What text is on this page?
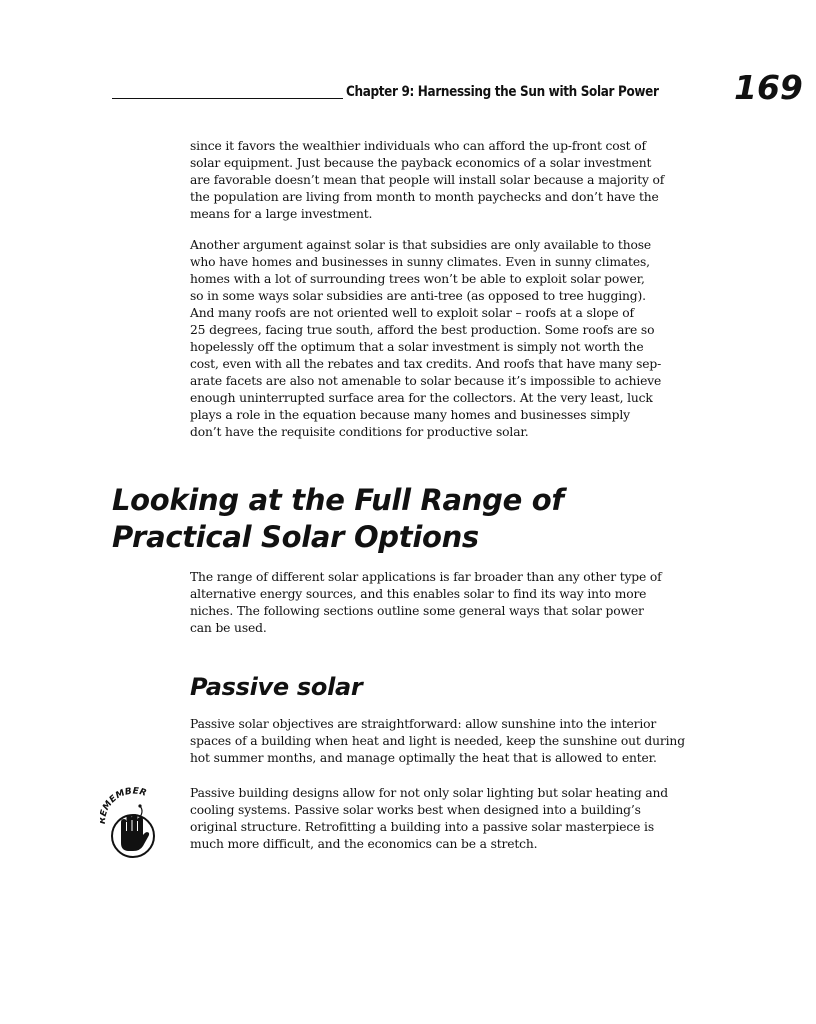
Chapter 9: Harnessing the Sun with Solar Power 169

since it favors the wealthier individuals who can afford the up-front cost of
solar equipment. Just because the payback economics of a solar investment
are favorable doesn’t mean that people will install solar because a majority of
the population are living from month to month paychecks and don’t have the
means for a large investment.

Another argument against solar is that subsidies are only available to those
who have homes and businesses in sunny climates. Even in sunny climates,
homes with a lot of surrounding trees won’t be able to exploit solar power,
so in some ways solar subsidies are anti-tree (as opposed to tree hugging).
And many roofs are not oriented well to exploit solar – roofs at a slope of
25 degrees, facing true south, afford the best production. Some roofs are so
hopelessly off the optimum that a solar investment is simply not worth the
cost, even with all the rebates and tax credits. And roofs that have many sep-
arate facets are also not amenable to solar because it’s impossible to achieve
enough uninterrupted surface area for the collectors. At the very least, luck
plays a role in the equation because many homes and businesses simply
don’t have the requisite conditions for productive solar.

Looking at the Full Range of
Practical Solar Options

The range of different solar applications is far broader than any other type of
alternative energy sources, and this enables solar to find its way into more
niches. The following sections outline some general ways that solar power
can be used.

Passive solar

Passive solar objectives are straightforward: allow sunshine into the interior
spaces of a building when heat and light is needed, keep the sunshine out during
hot summer months, and manage optimally the heat that is allowed to enter.

MEMBER	Passive building designs allow for not only solar lighting but solar heating and
cooling systems. Passive solar works best when designed into a building’s
original structure. Retrofitting a building into a passive solar masterpiece is
much more difficult, and the economics can be a stretch.
